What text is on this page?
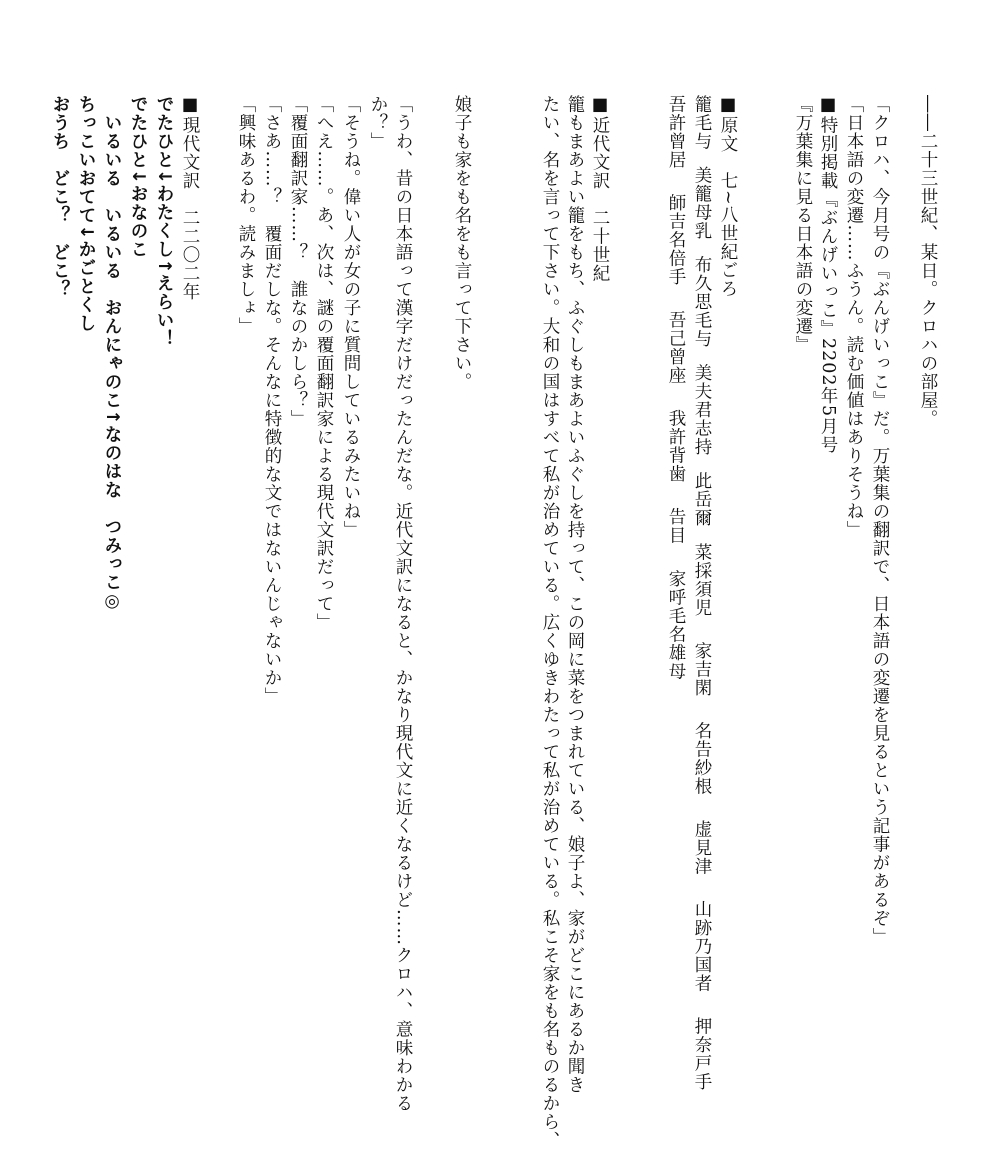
――二十三世紀、某日。クロハの部屋。
「クロハ、今月号の『ぶんげいっこ』だ。万葉集の翻訳で、日本語の変遷を見るという記事があるぞ」
「日本語の変遷……ふうん。読む価値はありそうね」
■特別掲載『ぶんげいっこ』2202年5月号
『万葉集に見る日本語の変遷』
■原文　七~八世紀ごろ
籠毛与 美籠母乳 布久思毛与 美夫君志持 此岳爾 菜採須児 家吉閑 名告紗根 虚見津 山跡乃国者 押奈戸手
吾許曾居 師吉名倍手 吾己曾座 我許背歯 告目 家呼毛名雄母
■近代文訳　二十世紀
籠もまあよい籠をもち、ふぐしもまあよいふぐしを持って、この岡に菜をつまれている、娘子よ、家がどこにあるか聞き
たい、名を言って下さい。大和の国はすべて私が治めている。広くゆきわたって私が治めている。私こそ家をも名ものるから、
娘子も家をも名をも言って下さい。
「うわ、昔の日本語って漢字だけだったんだな。近代文訳になると、かなり現代文に近くなるけど……クロハ、意味わかる
か？」
「そうね。偉い人が女の子に質問しているみたいね」
「へえ……。あ、次は、謎の覆面翻訳家による現代文訳だって」
「覆面翻訳家……？　誰なのかしら？」
「さあ……？　覆面だしな。そんなに特徴的な文ではないんじゃないか」
「興味あるわ。読みましょ」
■現代文訳　二二〇二年
でたひと↓わたくし↑えらい！
でたひと↓おなのこ
　いるいる　いるいる　おんにゃのこ↑なのはな　つみっこ◎
ちっこいおてて↓かごとくし
おうち　どこ？　どこ？
